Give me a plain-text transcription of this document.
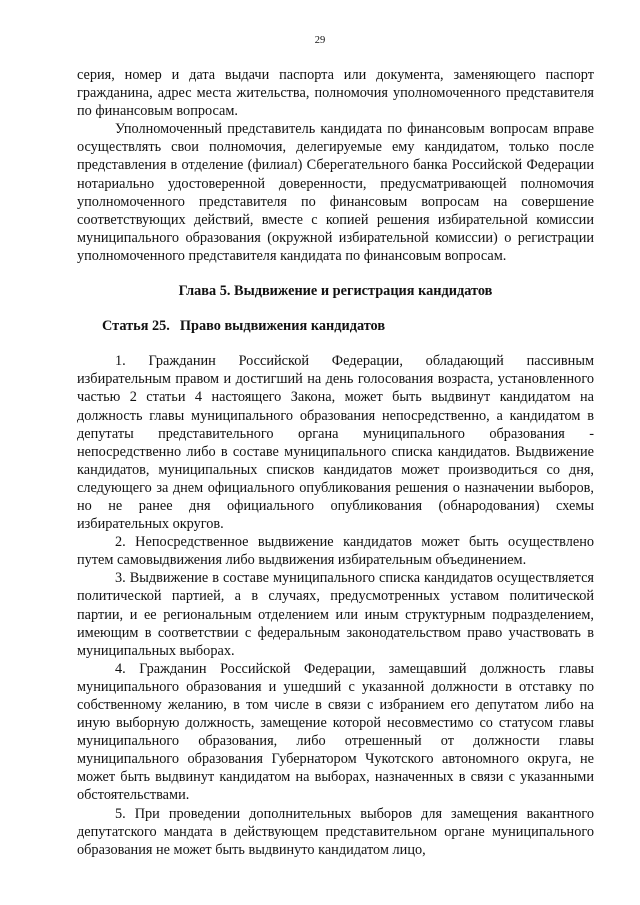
29

серия, номер и дата выдачи паспорта или документа, заменяющего паспорт гражданина, адрес места жительства, полномочия уполномоченного представителя по финансовым вопросам.

Уполномоченный представитель кандидата по финансовым вопросам вправе осуществлять свои полномочия, делегируемые ему кандидатом, только после представления в отделение (филиал) Сберегательного банка Российской Федерации нотариально удостоверенной доверенности, предусматривающей полномочия уполномоченного представителя по финансовым вопросам на совершение соответствующих действий, вместе с копией решения избирательной комиссии муниципального образования (окружной избирательной комиссии) о регистрации уполномоченного представителя кандидата по финансовым вопросам.

Глава 5. Выдвижение и регистрация кандидатов

Статья 25. Право выдвижения кандидатов

1. Гражданин Российской Федерации, обладающий пассивным избирательным правом и достигший на день голосования возраста, установленного частью 2 статьи 4 настоящего Закона, может быть выдвинут кандидатом на должность главы муниципального образования непосредственно, а кандидатом в депутаты представительного органа муниципального образования - непосредственно либо в составе муниципального списка кандидатов. Выдвижение кандидатов, муниципальных списков кандидатов может производиться со дня, следующего за днем официального опубликования решения о назначении выборов, но не ранее дня официального опубликования (обнародования) схемы избирательных округов.

2. Непосредственное выдвижение кандидатов может быть осуществлено путем самовыдвижения либо выдвижения избирательным объединением.

3. Выдвижение в составе муниципального списка кандидатов осуществляется политической партией, а в случаях, предусмотренных уставом политической партии, и ее региональным отделением или иным структурным подразделением, имеющим в соответствии с федеральным законодательством право участвовать в муниципальных выборах.

4. Гражданин Российской Федерации, замещавший должность главы муниципального образования и ушедший с указанной должности в отставку по собственному желанию, в том числе в связи с избранием его депутатом либо на иную выборную должность, замещение которой несовместимо со статусом главы муниципального образования, либо отрешенный от должности главы муниципального образования Губернатором Чукотского автономного округа, не может быть выдвинут кандидатом на выборах, назначенных в связи с указанными обстоятельствами.

5. При проведении дополнительных выборов для замещения вакантного депутатского мандата в действующем представительном органе муниципального образования не может быть выдвинуто кандидатом лицо,
